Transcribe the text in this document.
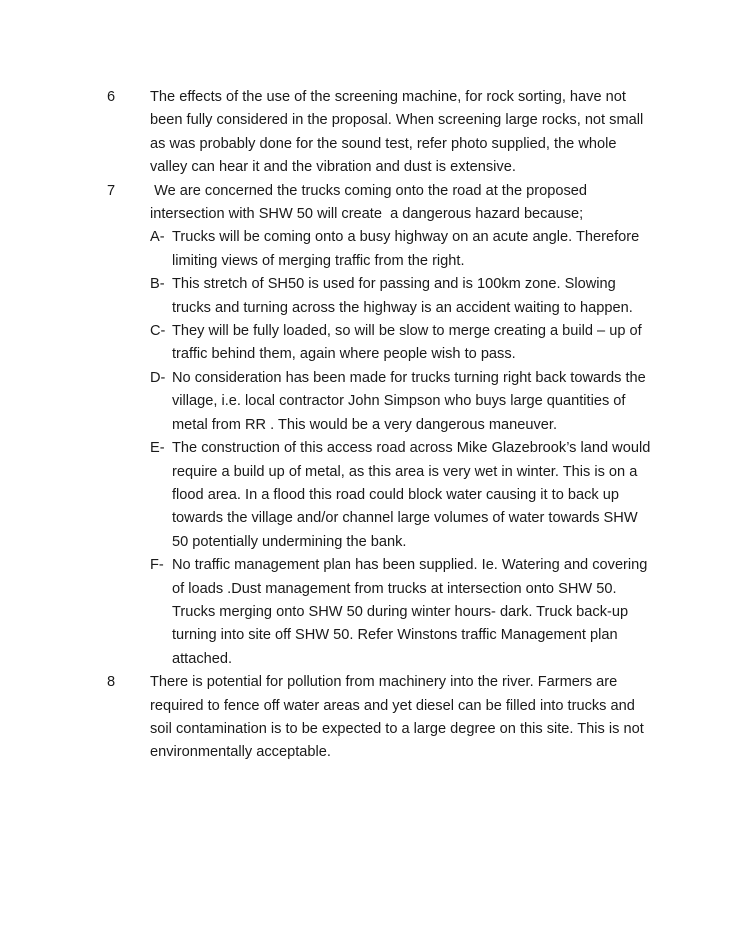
6 The effects of the use of the screening machine, for rock sorting, have not been fully considered in the proposal. When screening large rocks, not small as was probably done for the sound test, refer photo supplied, the whole valley can hear it and the vibration and dust is extensive.
7 We are concerned the trucks coming onto the road at the proposed intersection with SHW 50 will create  a dangerous hazard because;
A- Trucks will be coming onto a busy highway on an acute angle. Therefore limiting views of merging traffic from the right.
B- This stretch of SH50 is used for passing and is 100km zone. Slowing trucks and turning across the highway is an accident waiting to happen.
C- They will be fully loaded, so will be slow to merge creating a build – up of traffic behind them, again where people wish to pass.
D- No consideration has been made for trucks turning right back towards the village, i.e. local contractor John Simpson who buys large quantities of metal from RR . This would be a very dangerous maneuver.
E- The construction of this access road across Mike Glazebrook’s land would require a build up of metal, as this area is very wet in winter. This is on a flood area. In a flood this road could block water causing it to back up towards the village and/or channel large volumes of water towards SHW 50 potentially undermining the bank.
F- No traffic management plan has been supplied. Ie. Watering and covering of loads .Dust management from trucks at intersection onto SHW 50. Trucks merging onto SHW 50 during winter hours- dark. Truck back-up turning into site off SHW 50. Refer Winstons traffic Management plan attached.
8 There is potential for pollution from machinery into the river. Farmers are required to fence off water areas and yet diesel can be filled into trucks and soil contamination is to be expected to a large degree on this site. This is not environmentally acceptable.
